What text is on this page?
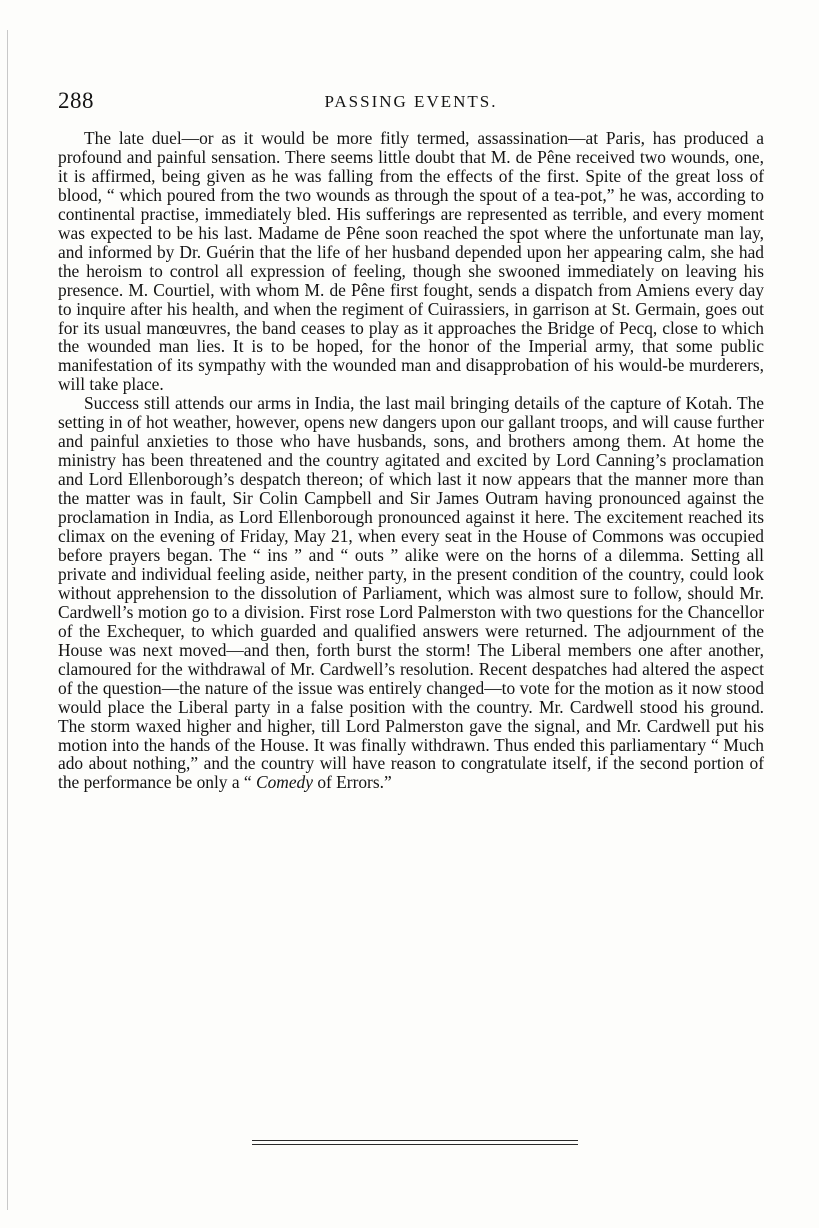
288	PASSING EVENTS.

The late duel—or as it would be more fitly termed, assassination—at Paris, has produced a profound and painful sensation. There seems little doubt that M. de Pêne received two wounds, one, it is affirmed, being given as he was falling from the effects of the first. Spite of the great loss of blood, “ which poured from the two wounds as through the spout of a tea-pot,” he was, according to continental practise, immediately bled. His sufferings are represented as terrible, and every moment was expected to be his last. Madame de Pêne soon reached the spot where the unfortunate man lay, and informed by Dr. Guérin that the life of her husband depended upon her appearing calm, she had the heroism to control all expression of feeling, though she swooned immediately on leaving his presence. M. Courtiel, with whom M. de Pêne first fought, sends a dispatch from Amiens every day to inquire after his health, and when the regiment of Cuirassiers, in garrison at St. Germain, goes out for its usual manœuvres, the band ceases to play as it approaches the Bridge of Pecq, close to which the wounded man lies. It is to be hoped, for the honor of the Imperial army, that some public manifestation of its sympathy with the wounded man and disapprobation of his would-be murderers, will take place.

Success still attends our arms in India, the last mail bringing details of the capture of Kotah. The setting in of hot weather, however, opens new dangers upon our gallant troops, and will cause further and painful anxieties to those who have husbands, sons, and brothers among them. At home the ministry has been threatened and the country agitated and excited by Lord Canning’s proclamation and Lord Ellenborough’s despatch thereon; of which last it now appears that the manner more than the matter was in fault, Sir Colin Campbell and Sir James Outram having pronounced against the proclamation in India, as Lord Ellenborough pronounced against it here. The excitement reached its climax on the evening of Friday, May 21, when every seat in the House of Commons was occupied before prayers began. The “ ins ” and “ outs ” alike were on the horns of a dilemma. Setting all private and individual feeling aside, neither party, in the present condition of the country, could look without apprehension to the dissolution of Parliament, which was almost sure to follow, should Mr. Cardwell’s motion go to a division. First rose Lord Palmerston with two questions for the Chancellor of the Exchequer, to which guarded and qualified answers were returned. The adjournment of the House was next moved—and then, forth burst the storm! The Liberal members one after another, clamoured for the withdrawal of Mr. Cardwell’s resolution. Recent despatches had altered the aspect of the question—the nature of the issue was entirely changed—to vote for the motion as it now stood would place the Liberal party in a false position with the country. Mr. Cardwell stood his ground. The storm waxed higher and higher, till Lord Palmerston gave the signal, and Mr. Cardwell put his motion into the hands of the House. It was finally withdrawn. Thus ended this parliamentary “ Much ado about nothing,” and the country will have reason to congratulate itself, if the second portion of the performance be only a “ Comedy of Errors.”
